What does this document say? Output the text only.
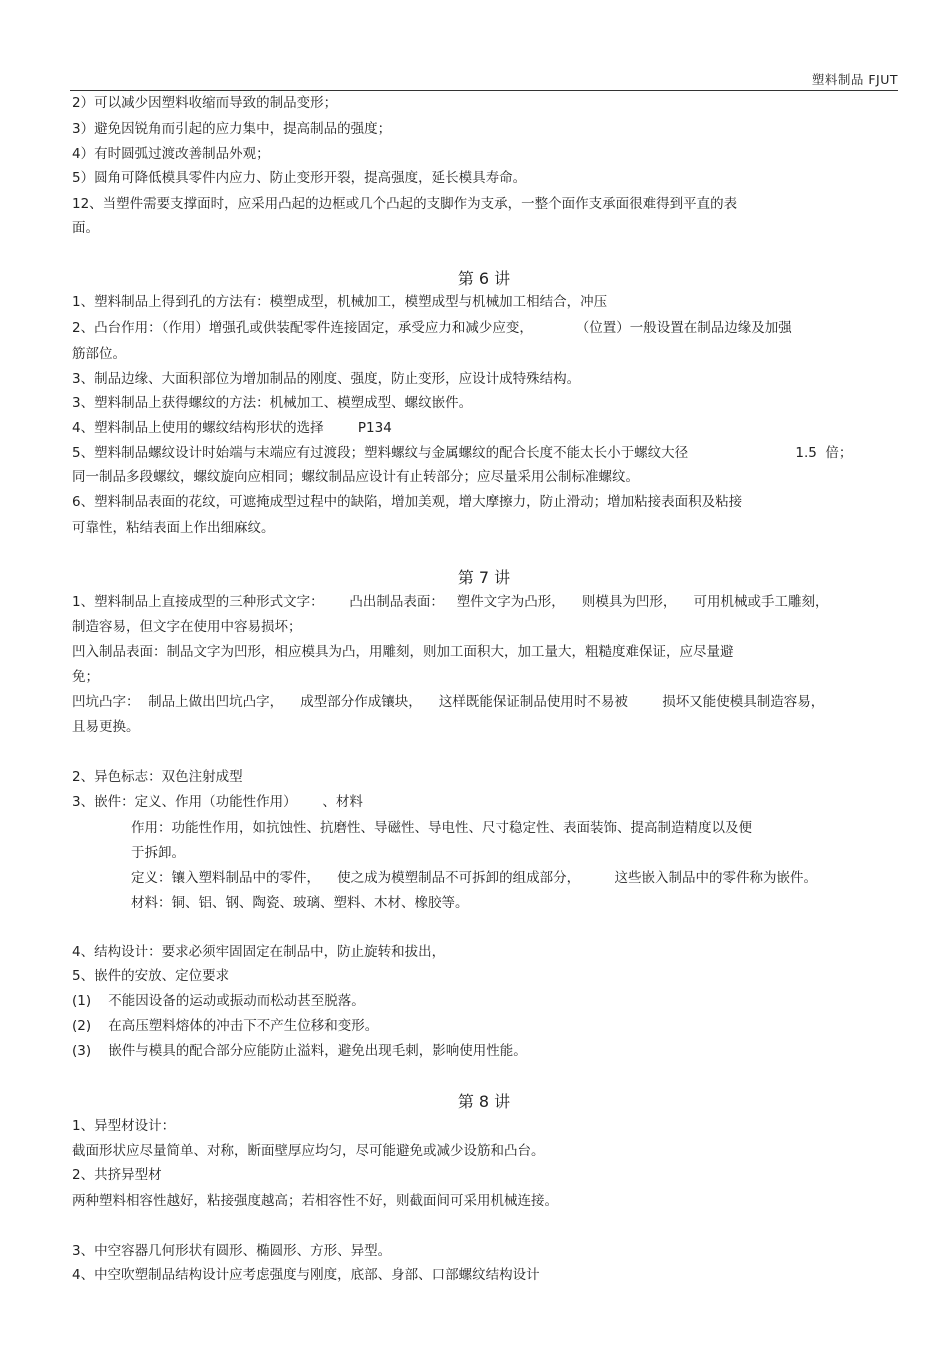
塑料制品 FJUT
2）可以减少因塑料收缩而导致的制品变形；
3）避免因锐角而引起的应力集中，提高制品的强度；
4）有时圆弧过渡改善制品外观；
5）圆角可降低模具零件内应力、防止变形开裂，提高强度，延长模具寿命。
12、当塑件需要支撑面时，应采用凸起的边框或几个凸起的支脚作为支承，一整个面作支承面很难得到平直的表
面。
第 6 讲
1、塑料制品上得到孔的方法有：模塑成型，机械加工，模塑成型与机械加工相结合，冲压
2、凸台作用：（作用）增强孔或供装配零件连接固定，承受应力和减少应变，          （位置）一般设置在制品边缘及加强
筋部位。
3、制品边缘、大面积部位为增加制品的刚度、强度，防止变形，应设计成特殊结构。
3、塑料制品上获得螺纹的方法：机械加工、模塑成型、螺纹嵌件。
4、塑料制品上使用的螺纹结构形状的选择        P134
5、塑料制品螺纹设计时始端与末端应有过渡段；塑料螺纹与金属螺纹的配合长度不能太长小于螺纹大径                         1.5  倍；
同一制品多段螺纹，螺纹旋向应相同；螺纹制品应设计有止转部分；应尽量采用公制标准螺纹。
6、塑料制品表面的花纹，可遮掩成型过程中的缺陷，增加美观，增大摩擦力，防止滑动；增加粘接表面积及粘接
可靠性，粘结表面上作出细麻纹。
第 7 讲
1、塑料制品上直接成型的三种形式文字：      凸出制品表面：   塑件文字为凸形，    则模具为凹形，    可用机械或手工雕刻，
制造容易，但文字在使用中容易损坏；
凹入制品表面：制品文字为凹形，相应模具为凸，用雕刻，则加工面积大，加工量大，粗糙度难保证，应尽量避
免；
凹坑凸字：  制品上做出凹坑凸字，    成型部分作成镶块，    这样既能保证制品使用时不易被        损坏又能使模具制造容易，
且易更换。
2、异色标志：双色注射成型
3、嵌件：定义、作用（功能性作用）      、材料
作用：功能性作用，如抗蚀性、抗磨性、导磁性、导电性、尺寸稳定性、表面装饰、提高制造精度以及便
于拆卸。
定义：镶入塑料制品中的零件，    使之成为模塑制品不可拆卸的组成部分，        这些嵌入制品中的零件称为嵌件。
材料：铜、铝、钢、陶瓷、玻璃、塑料、木材、橡胶等。
4、结构设计：要求必须牢固固定在制品中，防止旋转和拔出，
5、嵌件的安放、定位要求
(1)    不能因设备的运动或振动而松动甚至脱落。
(2)    在高压塑料熔体的冲击下不产生位移和变形。
(3)    嵌件与模具的配合部分应能防止溢料，避免出现毛刺，影响使用性能。
第 8 讲
1、异型材设计：
截面形状应尽量简单、对称，断面壁厚应均匀，尽可能避免或减少设筋和凸台。
2、共挤异型材
两种塑料相容性越好，粘接强度越高；若相容性不好，则截面间可采用机械连接。
3、中空容器几何形状有圆形、椭圆形、方形、异型。
4、中空吹塑制品结构设计应考虑强度与刚度，底部、身部、口部螺纹结构设计
